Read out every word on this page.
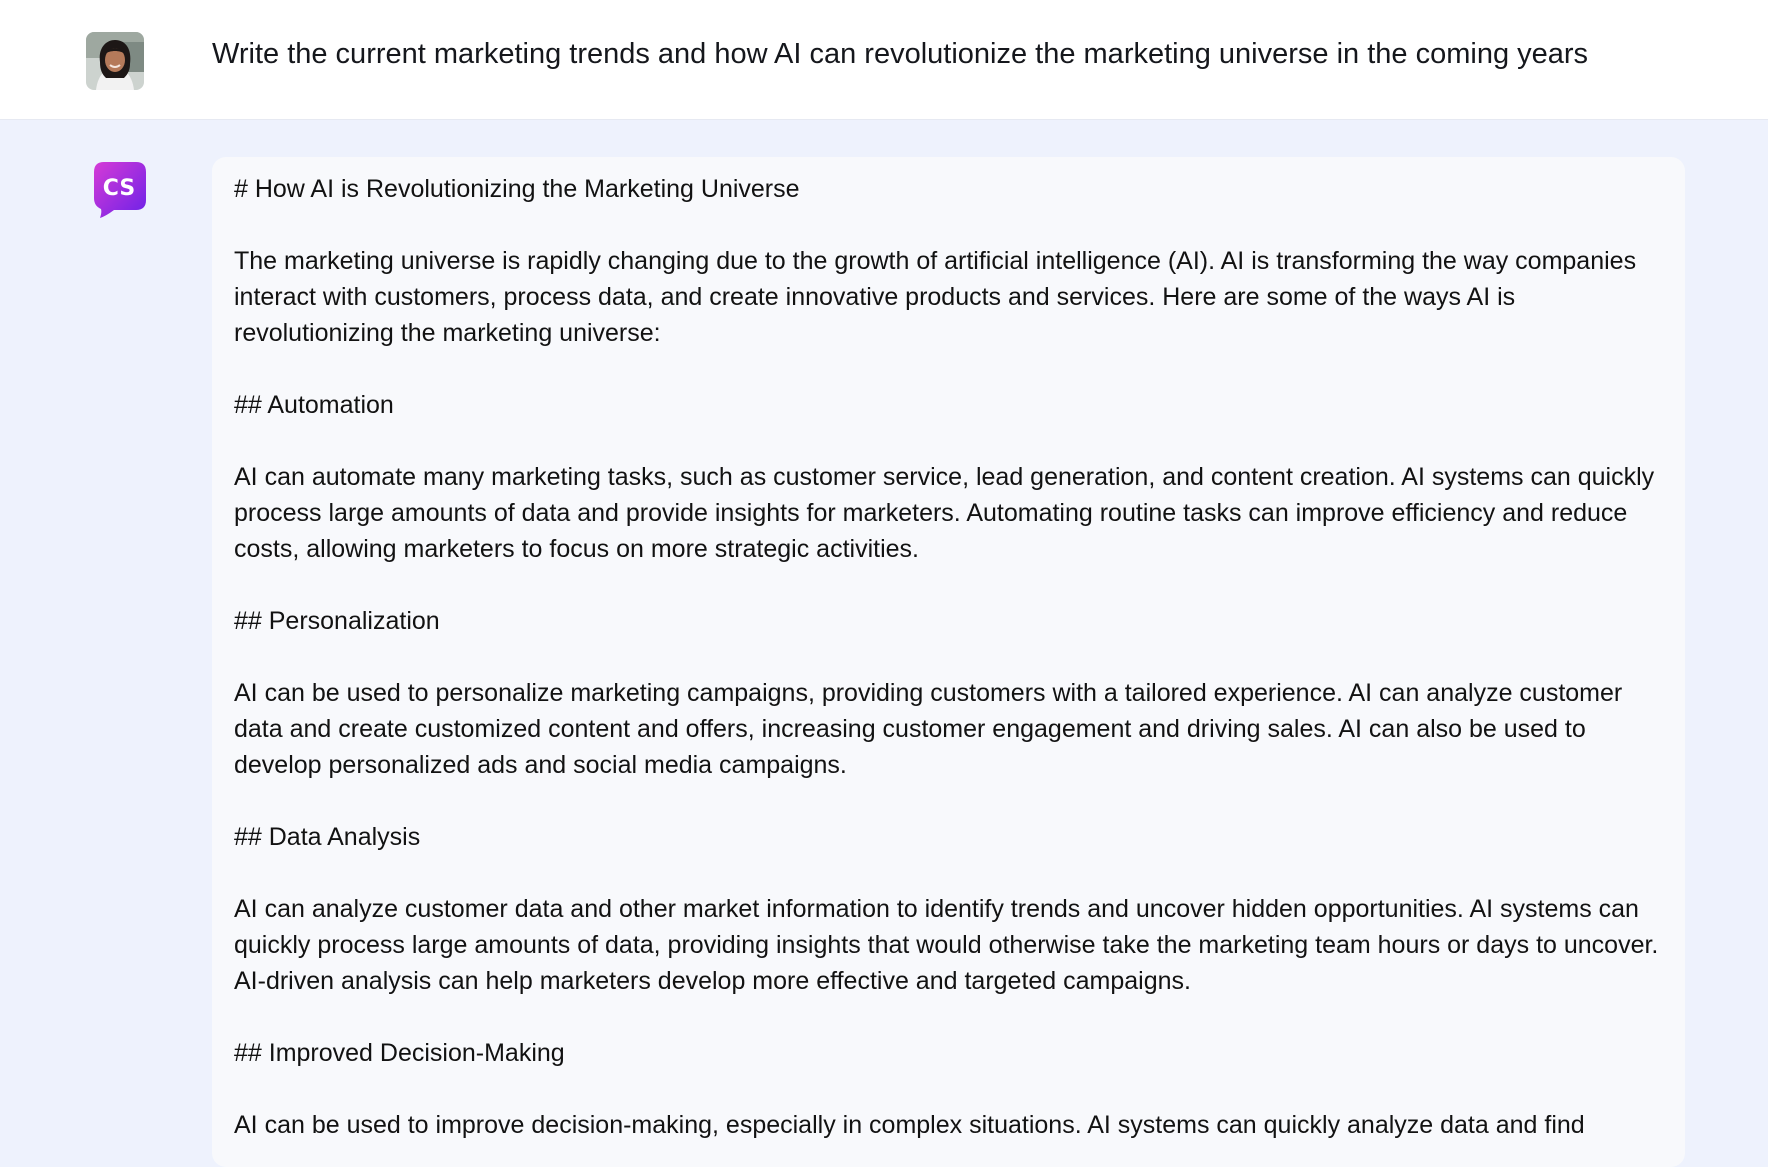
Write the current marketing trends and how AI can revolutionize the marketing universe in the coming years
CS	# How AI is Revolutionizing the Marketing Universe
The marketing universe is rapidly changing due to the growth of artificial intelligence (AI). AI is transforming the way companies interact with customers, process data, and create innovative products and services. Here are some of the ways AI is revolutionizing the marketing universe:
## Automation
AI can automate many marketing tasks, such as customer service, lead generation, and content creation. AI systems can quickly process large amounts of data and provide insights for marketers. Automating routine tasks can improve efficiency and reduce costs, allowing marketers to focus on more strategic activities.
## Personalization
AI can be used to personalize marketing campaigns, providing customers with a tailored experience. AI can analyze customer data and create customized content and offers, increasing customer engagement and driving sales. AI can also be used to develop personalized ads and social media campaigns.
## Data Analysis
AI can analyze customer data and other market information to identify trends and uncover hidden opportunities. AI systems can quickly process large amounts of data, providing insights that would otherwise take the marketing team hours or days to uncover. AI-driven analysis can help marketers develop more effective and targeted campaigns.
## Improved Decision-Making
AI can be used to improve decision-making, especially in complex situations. AI systems can quickly analyze data and find
